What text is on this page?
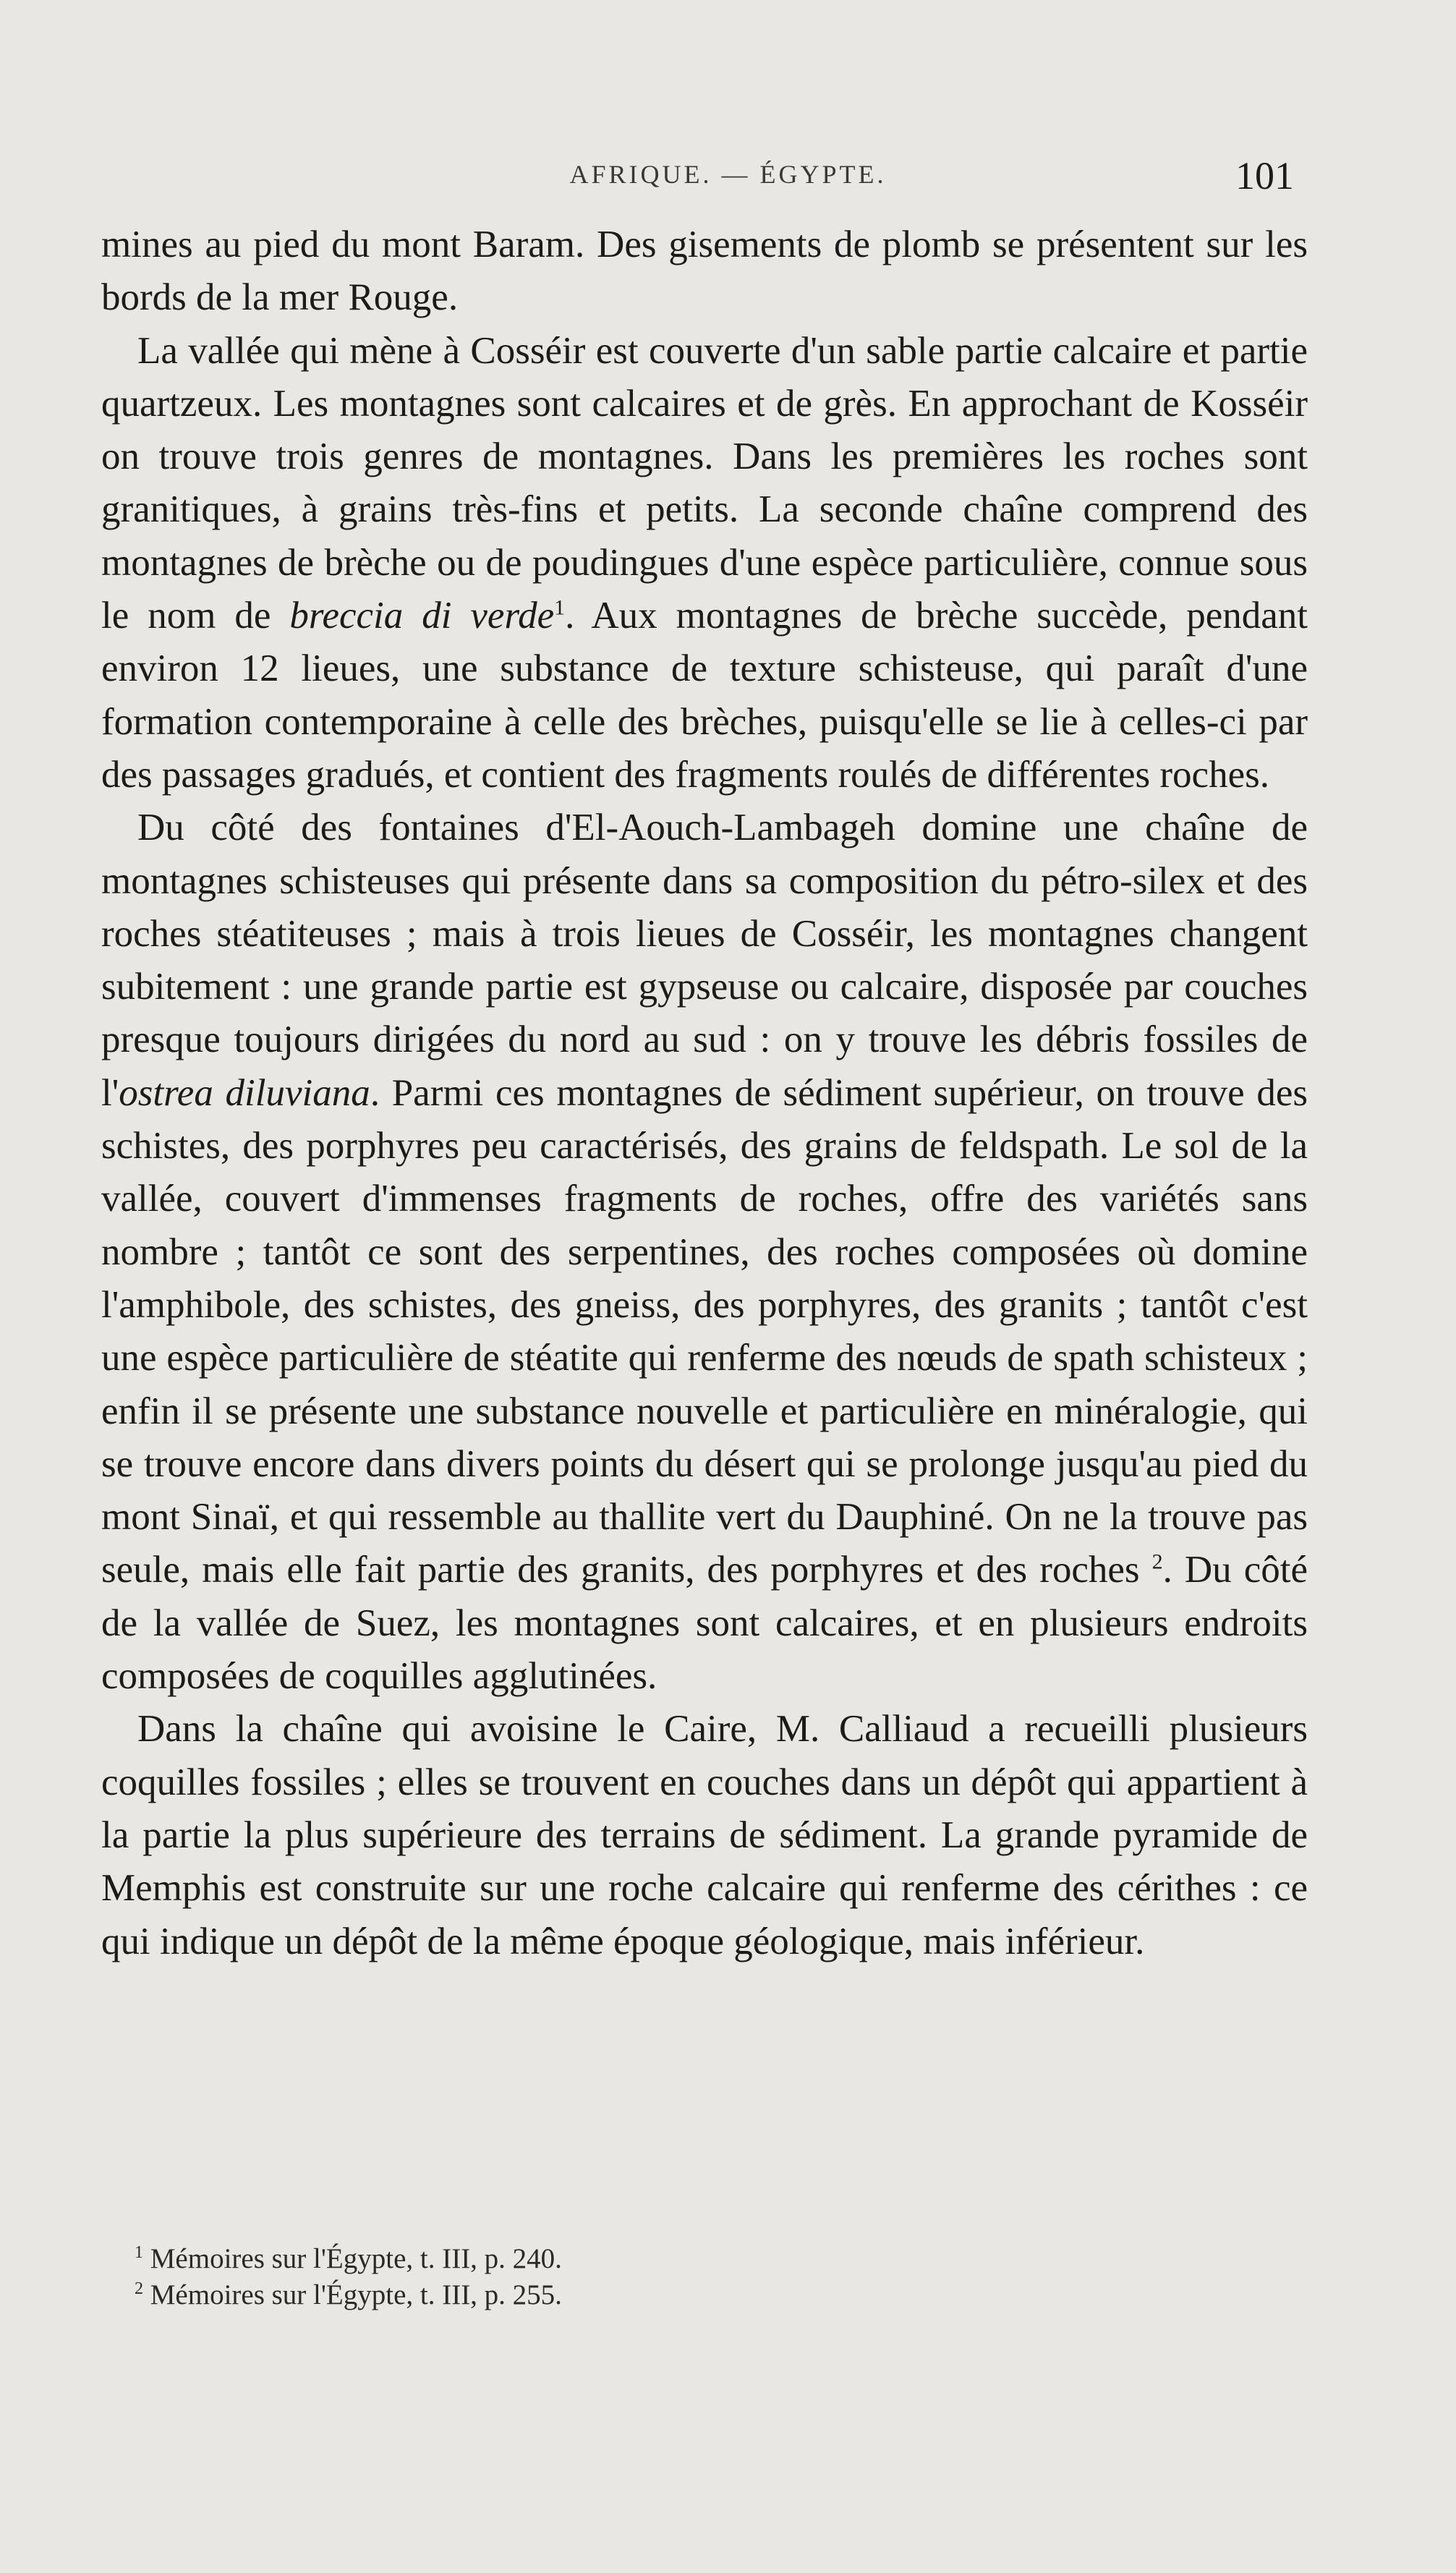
AFRIQUE. — ÉGYPTE.	101

mines au pied du mont Baram. Des gisements de plomb se présentent sur les bords de la mer Rouge.

La vallée qui mène à Cosséir est couverte d'un sable partie calcaire et partie quartzeux. Les montagnes sont calcaires et de grès. En approchant de Kosséir on trouve trois genres de montagnes. Dans les premières les roches sont granitiques, à grains très-fins et petits. La seconde chaîne comprend des montagnes de brèche ou de poudingues d'une espèce particulière, connue sous le nom de breccia di verde$^1$. Aux montagnes de brèche succède, pendant environ 12 lieues, une substance de texture schisteuse, qui paraît d'une formation contemporaine à celle des brèches, puisqu'elle se lie à celles-ci par des passages gradués, et contient des fragments roulés de différentes roches.

Du côté des fontaines d'El-Aouch-Lambageh domine une chaîne de montagnes schisteuses qui présente dans sa composition du pétro-silex et des roches stéatiteuses ; mais à trois lieues de Cosséir, les montagnes changent subitement : une grande partie est gypseuse ou calcaire, disposée par couches presque toujours dirigées du nord au sud : on y trouve les débris fossiles de l'ostrea diluviana. Parmi ces montagnes de sédiment supérieur, on trouve des schistes, des porphyres peu caractérisés, des grains de feldspath. Le sol de la vallée, couvert d'immenses fragments de roches, offre des variétés sans nombre ; tantôt ce sont des serpentines, des roches composées où domine l'amphibole, des schistes, des gneiss, des porphyres, des granits ; tantôt c'est une espèce particulière de stéatite qui renferme des nœuds de spath schisteux ; enfin il se présente une substance nouvelle et particulière en minéralogie, qui se trouve encore dans divers points du désert qui se prolonge jusqu'au pied du mont Sinaï, et qui ressemble au thallite vert du Dauphiné. On ne la trouve pas seule, mais elle fait partie des granits, des porphyres et des roches $^2$. Du côté de la vallée de Suez, les montagnes sont calcaires, et en plusieurs endroits composées de coquilles agglutinées.

Dans la chaîne qui avoisine le Caire, M. Calliaud a recueilli plusieurs coquilles fossiles ; elles se trouvent en couches dans un dépôt qui appartient à la partie la plus supérieure des terrains de sédiment. La grande pyramide de Memphis est construite sur une roche calcaire qui renferme des cérithes : ce qui indique un dépôt de la même époque géologique, mais inférieur.

$^1$ Mémoires sur l'Égypte, t. III, p. 240.

$^2$ Mémoires sur l'Égypte, t. III, p. 255.
